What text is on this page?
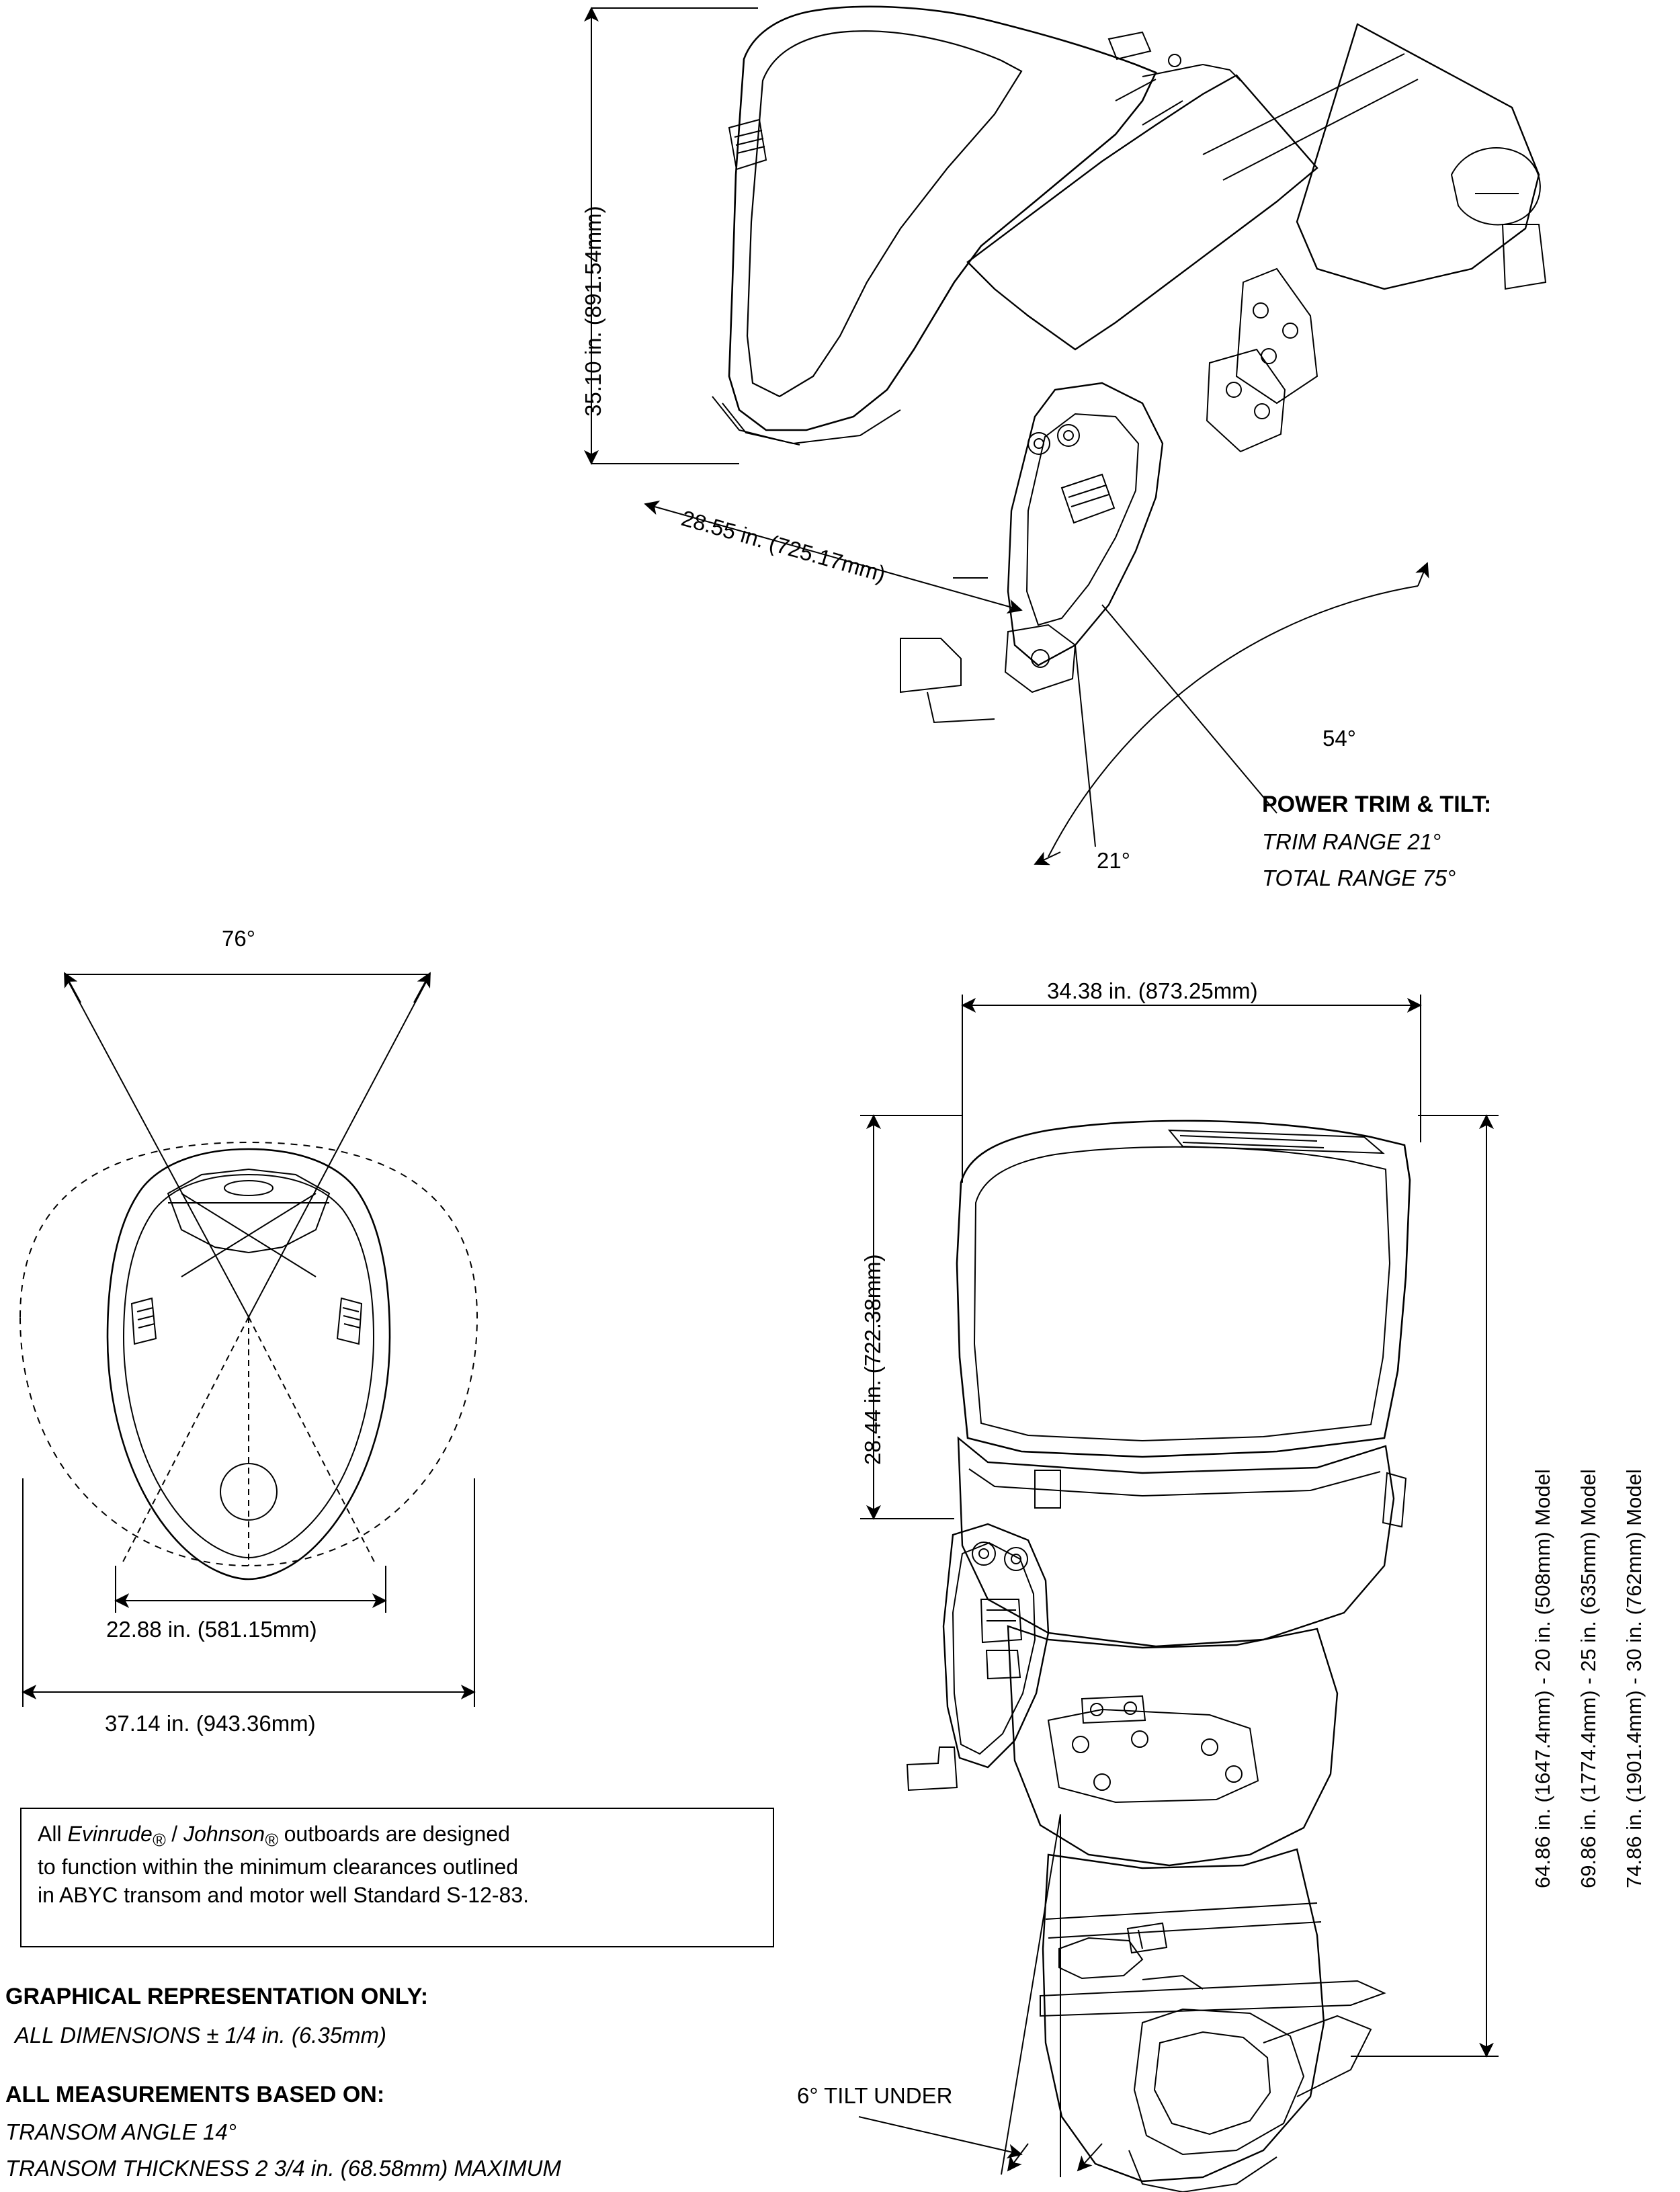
35.10 in. (891.54mm)
28.55 in. (725.17mm)
54°
21°
POWER TRIM & TILT:
TRIM RANGE 21°
TOTAL RANGE 75°
76°
22.88 in. (581.15mm)
37.14 in. (943.36mm)
34.38 in. (873.25mm)
28.44 in. (722.38mm)
64.86 in. (1647.4mm) - 20 in. (508mm) Model 69.86 in. (1774.4mm) - 25 in. (635mm) Model 74.86 in. (1901.4mm) - 30 in. (762mm) Model
6° TILT UNDER
All Evinrude$_®$ / Johnson$_®$ outboards are designed
to function within the minimum clearances outlined
in ABYC transom and motor well Standard S-12-83.
GRAPHICAL REPRESENTATION ONLY:
ALL DIMENSIONS ± 1/4 in. (6.35mm)
ALL MEASUREMENTS BASED ON:
TRANSOM ANGLE 14°
TRANSOM THICKNESS 2 3/4 in. (68.58mm) MAXIMUM
